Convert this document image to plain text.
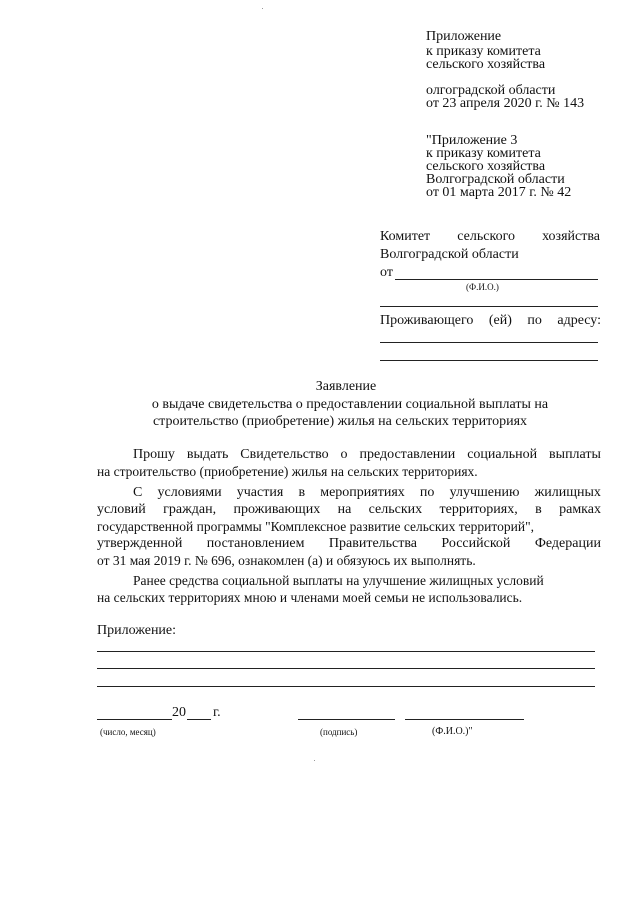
Приложение
к приказу комитета
сельского хозяйства
олгоградской области
от 23 апреля 2020 г. № 143
"Приложение 3
к приказу комитета
сельского хозяйства
Волгоградской области
от 01 марта 2017 г. № 42
Комитет сельского хозяйства
Волгоградской области
от
(Ф.И.О.)
Проживающего (ей) по адресу:
Заявление
о выдаче свидетельства о предоставлении социальной выплаты на
строительство (приобретение) жилья на сельских территориях
Прошу выдать Свидетельство о предоставлении социальной выплаты
на строительство (приобретение) жилья на сельских территориях.
С условиями участия в мероприятиях по улучшению жилищных
условий граждан, проживающих на сельских территориях, в рамках
государственной программы "Комплексное развитие сельских территорий",
утвержденной постановлением Правительства Российской Федерации
от 31 мая 2019 г. № 696, ознакомлен (а) и обязуюсь их выполнять.
Ранее средства социальной выплаты на улучшение жилищных условий
на сельских территориях мною и членами моей семьи не использовались.
Приложение:
20 г.
(число, месяц)	(подпись)	(Ф.И.О.)"
